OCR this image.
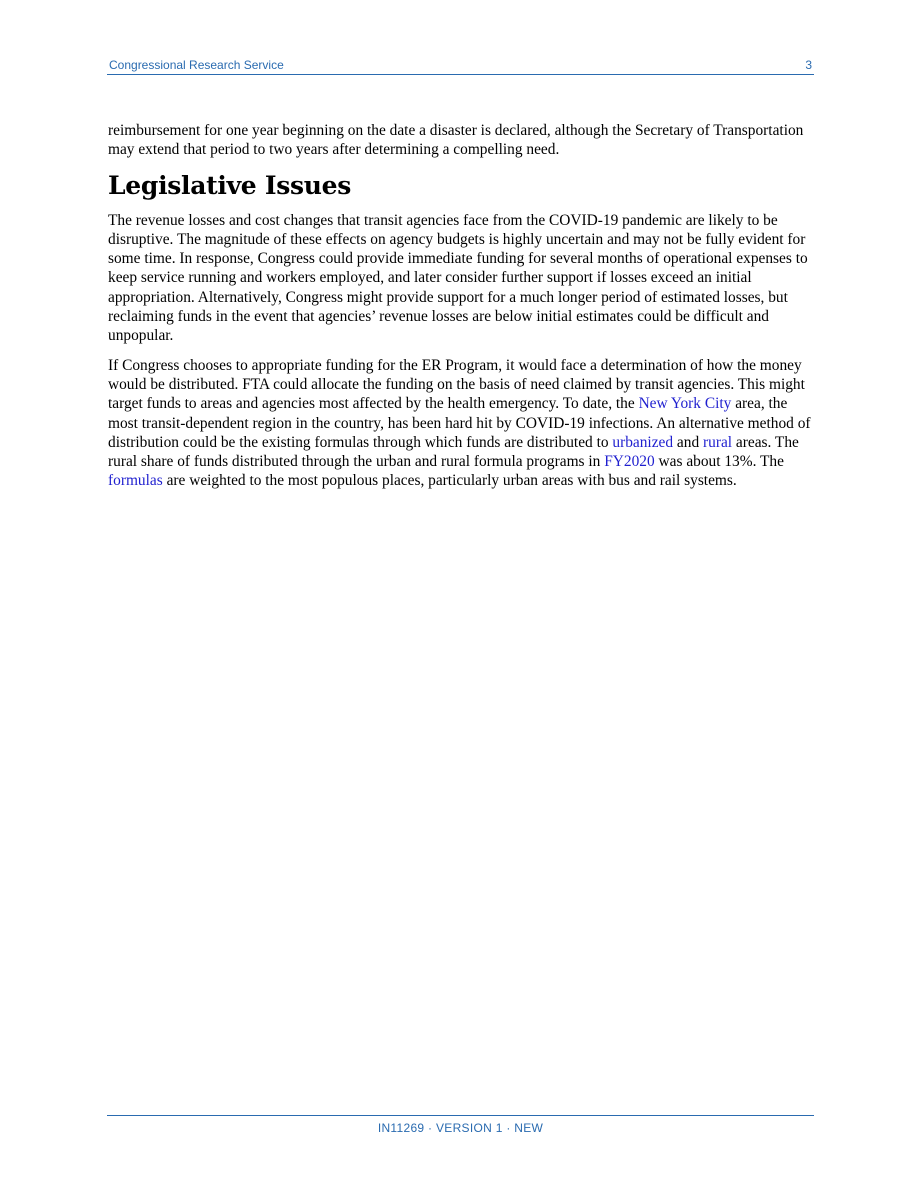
Congressional Research Service	3

reimbursement for one year beginning on the date a disaster is declared, although the Secretary of Transportation may extend that period to two years after determining a compelling need.

Legislative Issues

The revenue losses and cost changes that transit agencies face from the COVID-19 pandemic are likely to be disruptive. The magnitude of these effects on agency budgets is highly uncertain and may not be fully evident for some time. In response, Congress could provide immediate funding for several months of operational expenses to keep service running and workers employed, and later consider further support if losses exceed an initial appropriation. Alternatively, Congress might provide support for a much longer period of estimated losses, but reclaiming funds in the event that agencies’ revenue losses are below initial estimates could be difficult and unpopular.

If Congress chooses to appropriate funding for the ER Program, it would face a determination of how the money would be distributed. FTA could allocate the funding on the basis of need claimed by transit agencies. This might target funds to areas and agencies most affected by the health emergency. To date, the New York City area, the most transit-dependent region in the country, has been hard hit by COVID-19 infections. An alternative method of distribution could be the existing formulas through which funds are distributed to urbanized and rural areas. The rural share of funds distributed through the urban and rural formula programs in FY2020 was about 13%. The formulas are weighted to the most populous places, particularly urban areas with bus and rail systems.

IN11269 · VERSION 1 · NEW
